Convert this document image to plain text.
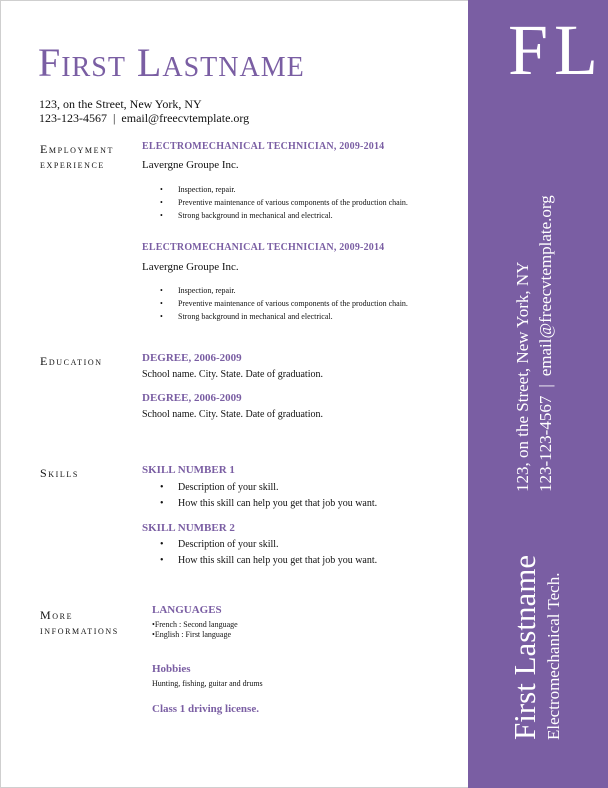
First Lastname
123, on the Street, New York, NY
123-123-4567 | email@freecvtemplate.org
Employment
experience
ELECTROMECHANICAL TECHNICIAN, 2009-2014
Lavergne Groupe Inc.
• Inspection, repair.
• Preventive maintenance of various components of the production chain.
• Strong background in mechanical and electrical.
ELECTROMECHANICAL TECHNICIAN, 2009-2014
Lavergne Groupe Inc.
• Inspection, repair.
• Preventive maintenance of various components of the production chain.
• Strong background in mechanical and electrical.
Education	DEGREE, 2006-2009
School name. City. State. Date of graduation.
DEGREE, 2006-2009
School name. City. State. Date of graduation.
Skills	SKILL NUMBER 1
• Description of your skill.
• How this skill can help you get that job you want.
SKILL NUMBER 2
• Description of your skill.
• How this skill can help you get that job you want.
More
informations
LANGUAGES
• French : Second language
• English : First language
Hobbies
Hunting, fishing, guitar and drums
Class 1 driving license.
FL
First Lastname Electromechanical Tech.
123, on the Street, New York, NY 123-123-4567|email@freecvtemplate.org
